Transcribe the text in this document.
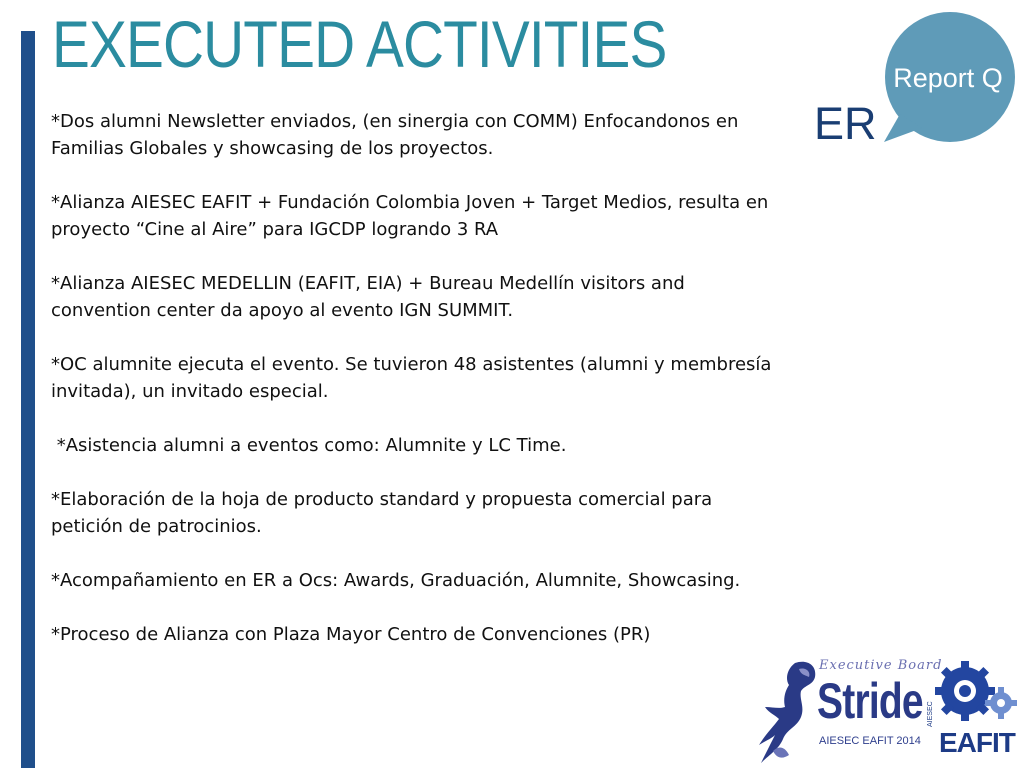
EXECUTED ACTIVITIES	Report Q
ER

*Dos alumni Newsletter enviados, (en sinergia con COMM) Enfocandonos en Familias Globales y showcasing de los proyectos.

*Alianza AIESEC EAFIT + Fundación Colombia Joven + Target Medios, resulta en proyecto “Cine al Aire” para IGCDP logrando 3 RA

*Alianza AIESEC MEDELLIN (EAFIT, EIA) + Bureau Medellín visitors and convention center da apoyo al evento IGN SUMMIT.

*OC alumnite ejecuta el evento. Se tuvieron 48 asistentes (alumni y membresía invitada), un invitado especial.

*Asistencia alumni a eventos como: Alumnite y LC Time.

*Elaboración de la hoja de producto standard y propuesta comercial para petición de patrocinios.

*Acompañamiento en ER a Ocs: Awards, Graduación, Alumnite, Showcasing.

*Proceso de Alianza con Plaza Mayor Centro de Convenciones (PR)

Executive Board
Stride
AIESEC EAFIT 2014
AIESEC
EAFIT
